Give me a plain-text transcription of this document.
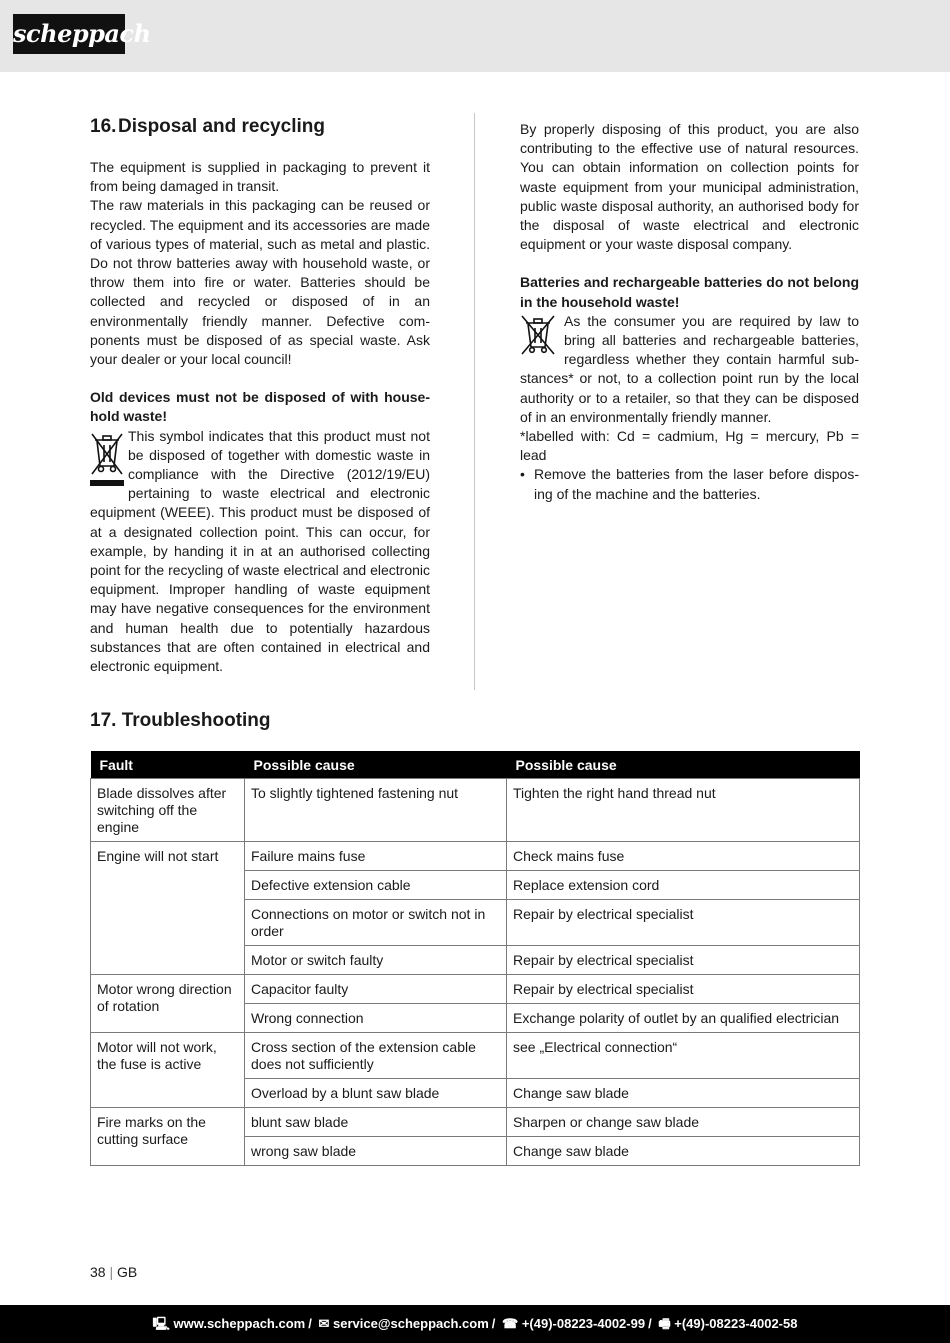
scheppach
16.Disposal and recycling

The equipment is supplied in packaging to prevent it from being damaged in transit.

The raw materials in this packaging can be reused or recycled. The equipment and its accessories are made of various types of material, such as metal and plastic. Do not throw batteries away with household waste, or throw them into fire or water. Batteries should be collected and recycled or disposed of in an environmentally friendly manner. Defective components must be disposed of as special waste. Ask your dealer or your local council!

Old devices must not be disposed of with household waste!

This symbol indicates that this product must not be disposed of together with domestic waste in compliance with the Directive (2012/19/EU) pertaining to waste electrical and electronic equipment (WEEE). This product must be disposed of at a designated collection point. This can occur, for example, by handing it in at an authorised collecting point for the recycling of waste electrical and electronic equipment. Improper handling of waste equipment may have negative consequences for the environment and human health due to potentially hazardous substances that are often contained in electrical and electronic equipment.

By properly disposing of this product, you are also contributing to the effective use of natural resources. You can obtain information on collection points for waste equipment from your municipal administration, public waste disposal authority, an authorised body for the disposal of waste electrical and electronic equipment or your waste disposal company.

Batteries and rechargeable batteries do not belong in the household waste!

As the consumer you are required by law to bring all batteries and rechargeable batteries, regardless whether they contain harmful substances* or not, to a collection point run by the local authority or to a retailer, so that they can be disposed of in an environmentally friendly manner.

*labelled with: Cd = cadmium, Hg = mercury, Pb = lead

• Remove the batteries from the laser before disposing of the machine and the batteries.

17. Troubleshooting
Fault	Possible cause	Possible cause
Blade dissolves after switching off the engine	To slightly tightened fastening nut	Tighten the right hand thread nut
Engine will not start	Failure mains fuse	Check mains fuse
	Defective extension cable	Replace extension cord
	Connections on motor or switch not in order	Repair by electrical specialist
	Motor or switch faulty	Repair by electrical specialist
Motor wrong direction of rotation	Capacitor faulty	Repair by electrical specialist
	Wrong connection	Exchange polarity of outlet by an qualified electrician
Motor will not work, the fuse is active	Cross section of the extension cable does not sufficiently	see „Electrical connection“
	Overload by a blunt saw blade	Change saw blade
Fire marks on the cutting surface	blunt saw blade	Sharpen or change saw blade
	wrong saw blade	Change saw blade
38 | GB
🖳 www.scheppach.com / ✉ service@scheppach.com / ☎ +(49)-08223-4002-99 / 🖷 +(49)-08223-4002-58
